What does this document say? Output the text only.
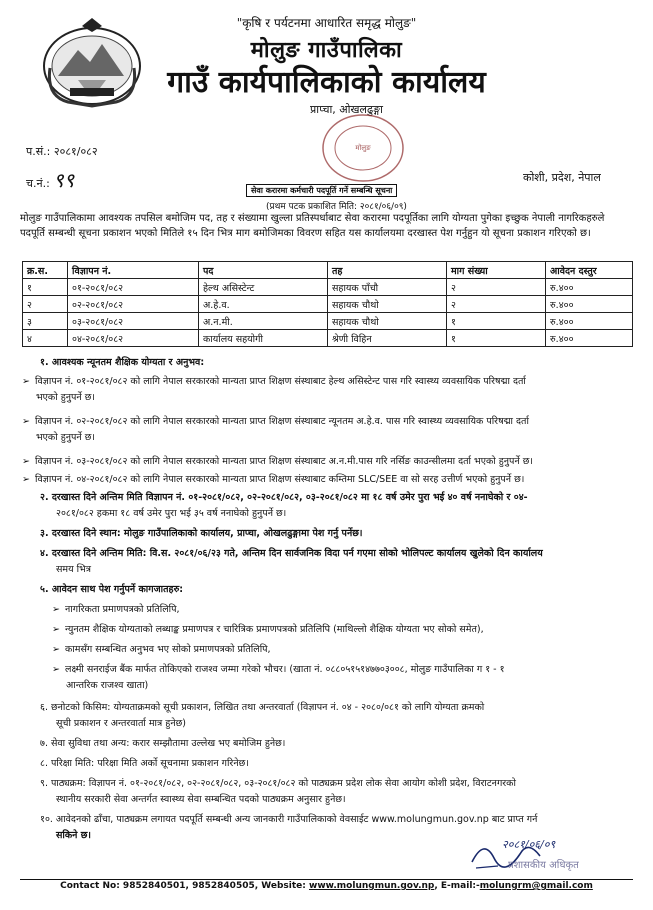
"कृषि र पर्यटनमा आधारित समृद्ध मोलुङ"
मोलुङ गाउँपालिका
गाउँ कार्यपालिकाको कार्यालय
प्राप्चा, ओखलढुङ्गा
मोलुङ
प.सं.: २०८१/०८२
च.नं.: ९९	कोशी, प्रदेश, नेपाल
सेवा करारमा कर्मचारी पदपूर्ति गर्ने सम्बन्धि सूचना
(प्रथम पटक प्रकाशित मिति: २०८१/०६/०९)
मोलुङ गाउँपालिकामा आवश्यक तपसिल बमोजिम पद, तह र संख्यामा खुल्ला प्रतिस्पर्धाबाट सेवा करारमा पदपूर्तिका लागि योग्यता पुगेका इच्छुक नेपाली नागरिकहरुले पदपूर्ति सम्बन्धी सूचना प्रकाशन भएको मितिले १५ दिन भित्र माग बमोजिमका विवरण सहित यस कार्यालयमा दरखास्त पेश गर्नुहुन यो सूचना प्रकाशन गरिएको छ।
क्र.स.	विज्ञापन नं.	पद	तह	माग संख्या	आवेदन दस्तुर
१	०१-२०८१/०८२	हेल्थ असिस्टेन्ट	सहायक पाँचौ	२	रु.४००
२	०२-२०८१/०८२	अ.हे.व.	सहायक चौथो	२	रु.४००
३	०३-२०८१/०८२	अ.न.मी.	सहायक चौथो	१	रु.४००
४	०४-२०८१/०८२	कार्यालय सहयोगी	श्रेणी विहिन	१	रु.४००
१. आवश्यक न्यूनतम शैक्षिक योग्यता र अनुभव:
➢ विज्ञापन नं. ०१-२०८१/०८२ को लागि नेपाल सरकारको मान्यता प्राप्त शिक्षण संस्थाबाट हेल्थ असिस्टेन्ट पास गरि स्वास्थ्य व्यवसायिक परिषद्मा दर्ता
भएको हुनुपर्ने छ।
➢ विज्ञापन नं. ०२-२०८१/०८२ को लागि नेपाल सरकारको मान्यता प्राप्त शिक्षण संस्थाबाट न्यूनतम अ.हे.व. पास गरि स्वास्थ्य व्यवसायिक परिषद्मा दर्ता
भएको हुनुपर्ने छ।
➢ विज्ञापन नं. ०३-२०८१/०८२ को लागि नेपाल सरकारको मान्यता प्राप्त शिक्षण संस्थाबाट अ.न.मी.पास गरि नर्सिङ काउन्सीलमा दर्ता भएको हुनुपर्ने छ।
➢ विज्ञापन नं. ०४-२०८१/०८२ को लागि नेपाल सरकारको मान्यता प्राप्त शिक्षण संस्थाबाट कम्तिमा SLC/SEE वा सो सरह उत्तीर्ण भएको हुनुपर्ने छ।
२. दरखास्त दिने अन्तिम मिति विज्ञापन नं. ०१-२०८१/०८२, ०२-२०८१/०८२, ०३-२०८१/०८२ मा १८ वर्ष उमेर पुरा भई ४० वर्ष ननाघेको र ०४-
२०८१/०८२ हकमा १८ वर्ष उमेर पुरा भई ३५ वर्ष ननाघेको हुनुपर्ने छ।
३. दरखास्त दिने स्थान: मोलुङ गाउँपालिकाको कार्यालय, प्राप्चा, ओखलढुङ्गामा पेश गर्नु पर्नेछ।
४. दरखास्त दिने अन्तिम मिति: वि.स. २०८१/०६/२३ गते, अन्तिम दिन सार्वजनिक विदा पर्न गएमा सोको भोलिपल्ट कार्यालय खुलेको दिन कार्यालय
समय भित्र
५. आवेदन साथ पेश गर्नुपर्ने कागजातहरु:
➢ नागरिकता प्रमाणपत्रको प्रतिलिपि,
➢ न्युनतम शैक्षिक योग्यताको लब्धाङ्क प्रमाणपत्र र चारित्रिक प्रमाणपत्रको प्रतिलिपि (माथिल्लो शैक्षिक योग्यता भए सोको समेत),
➢ कामसँग सम्बन्धित अनुभव भए सोको प्रमाणपत्रको प्रतिलिपि,
➢ लक्ष्मी सनराईज बैंक मार्फत तोकिएको राजश्व जम्मा गरेको भौचर। (खाता नं. ०८८०५१५१४७७०३००८, मोलुङ गाउँपालिका ग १ - १
आन्तरिक राजश्व खाता)
६. छनोटको किसिम: योग्यताक्रमको सूची प्रकाशन, लिखित तथा अन्तरवार्ता (विज्ञापन नं. ०४ - २०८०/०८१ को लागि योग्यता क्रमको
सूची प्रकाशन र अन्तरवार्ता मात्र हुनेछ)
७. सेवा सुविधा तथा अन्य: करार सम्झौतामा उल्लेख भए बमोजिम हुनेछ।
८. परिक्षा मिति: परिक्षा मिति अर्को सूचनामा प्रकाशन गरिनेछ।
९. पाठ्यक्रम: विज्ञापन नं. ०१-२०८१/०८२, ०२-२०८१/०८२, ०३-२०८१/०८२ को पाठ्यक्रम प्रदेश लोक सेवा आयोग कोशी प्रदेश, विराटनगरको
स्थानीय सरकारी सेवा अन्तर्गत स्वास्थ्य सेवा सम्बन्धित पदको पाठ्यक्रम अनुसार हुनेछ।
१०. आवेदनको ढाँचा, पाठ्यक्रम लगायत पदपूर्ति सम्बन्धी अन्य जानकारी गाउँपालिकाको वेवसाईट www.molungmun.gov.np बाट प्राप्त गर्न
सकिने छ।
२०८१/०६/०९
प्रशासकीय अधिकृत
Contact No: 9852840501, 9852840505, Website: www.molungmun.gov.np, E-mail:-molungrm@gmail.com
